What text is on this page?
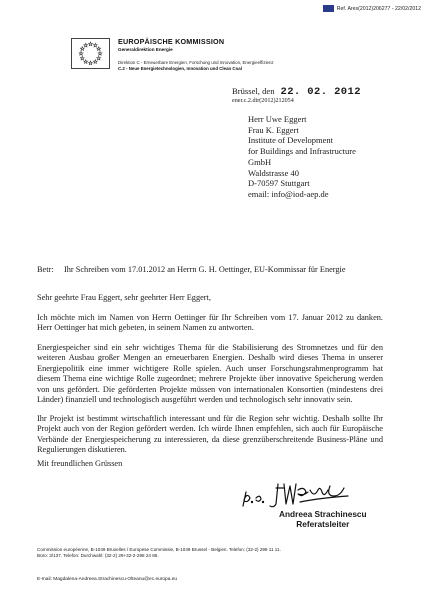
Ref. Ares(2012)206277 - 22/02/2012
EUROPÄISCHE KOMMISSION
Generaldirektion Energie
Direktion C - Erneuerbare Energien, Forschung und Innovation, Energieeffizienz
C.2 - Neue Energietechnologien, Innovation und Clean Coal
Brüssel, den 22. 02. 2012
ener.c.2.dir(2012)212054
Herr Uwe Eggert
Frau K. Eggert
Institute of Development
for Buildings and Infrastructure
GmbH
Waldstrasse 40
D-70597 Stuttgart
email: info@iod-aep.de
Betr:	Ihr Schreiben vom 17.01.2012 an Herrn G. H. Oettinger, EU-Kommissar für Energie
Sehr geehrte Frau Eggert, sehr geehrter Herr Eggert,
Ich möchte mich im Namen von Herrn Oettinger für Ihr Schreiben vom 17. Januar 2012 zu danken. Herr Oettinger hat mich gebeten, in seinem Namen zu antworten.
Energiespeicher sind ein sehr wichtiges Thema für die Stabilisierung des Stromnetzes und für den weiteren Ausbau großer Mengen an erneuerbaren Energien. Deshalb wird dieses Thema in unserer Energiepolitik eine immer wichtigere Rolle spielen. Auch unser Forschungsrahmenprogramm hat diesem Thema eine wichtige Rolle zugeordnet; mehrere Projekte über innovative Speicherung werden von uns gefördert. Die geförderten Projekte müssen von internationalen Konsortien (mindestens drei Länder) finanziell und technologisch ausgeführt werden und technologisch sehr innovativ sein.
Ihr Projekt ist bestimmt wirtschaftlich interessant und für die Region sehr wichtig. Deshalb sollte Ihr Projekt auch von der Region gefördert werden. Ich würde Ihnen empfehlen, sich auch für Europäische Verbände der Energiespeicherung zu interessieren, da diese grenzüberschreitende Business-Pläne und Regulierungen diskutieren.
Mit freundlichen Grüssen
Andreea Strachinescu
Referatsleiter
Commission européenne, B-1049 Bruxelles / Europese Commissie, B-1049 Brussel - Belgien. Telefon: (32-2) 299 11 11.
Büro: 3/137. Telefon: Durchwahl: (32-2) 29+32-2-298 24 86.
E-mail: Magdalena-Andreea.Strachinescu-Olteanu@ec.europa.eu
